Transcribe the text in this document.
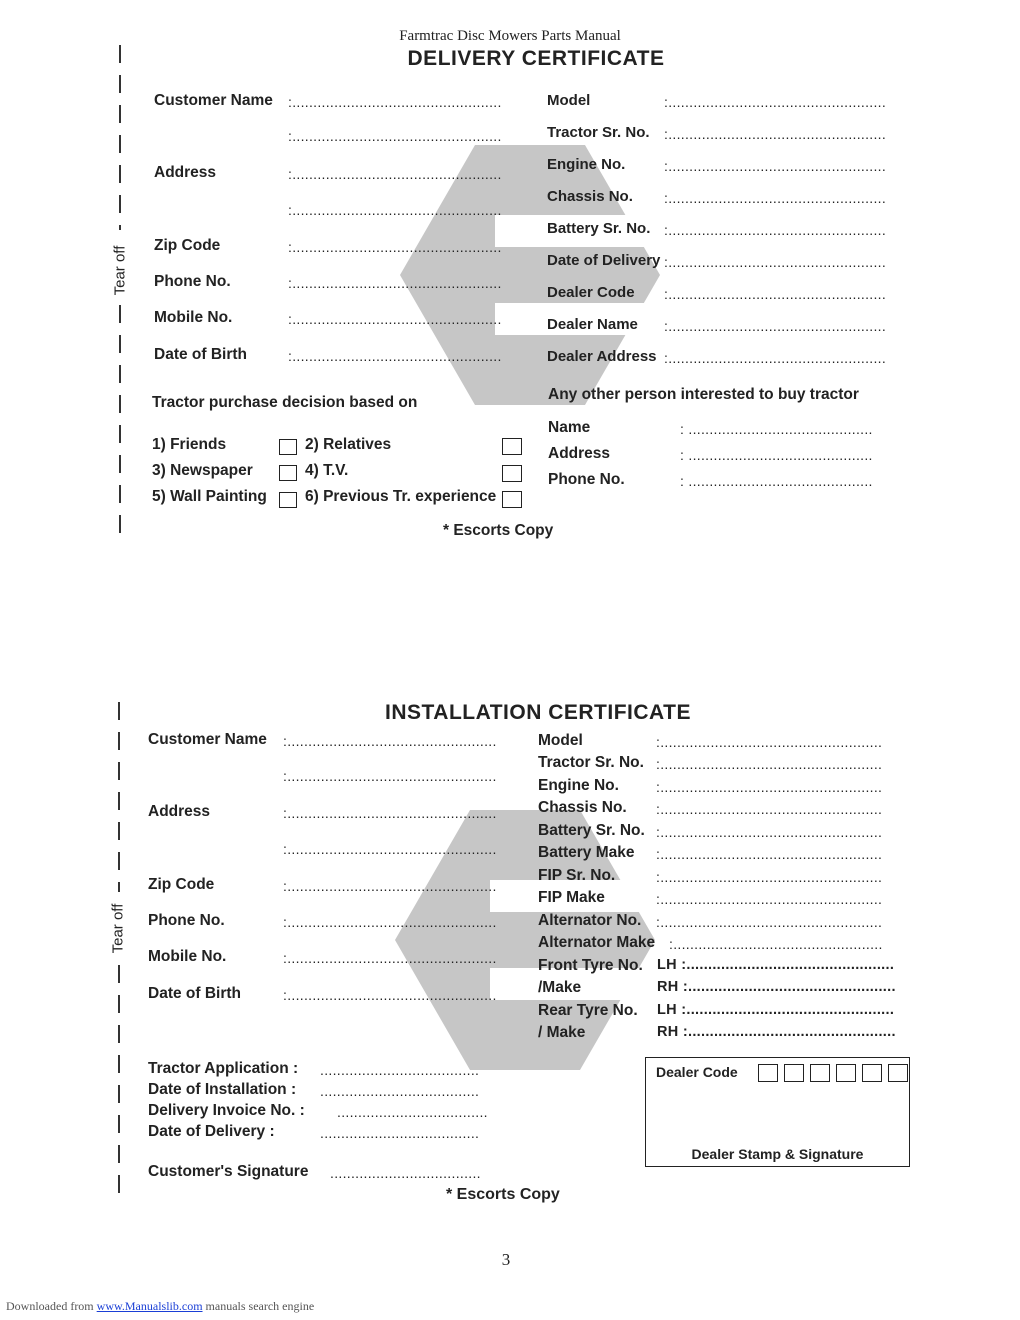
Farmtrac Disc Mowers Parts Manual
Tear off
DELIVERY CERTIFICATE
Customer Name :..................................................
:..................................................
Address	:..................................................
:..................................................
Zip Code	:..................................................
Phone No.	:..................................................
Mobile No.	:..................................................
Date of Birth	:..................................................
Model	:....................................................
Tractor Sr. No. :....................................................
Engine No.	:....................................................
Chassis No. :....................................................
Battery Sr. No. :....................................................
Date of Delivery :....................................................
Dealer Code :....................................................
Dealer Name :....................................................
Dealer Address :....................................................
Tractor purchase decision based on
1) Friends	2) Relatives
3) Newspaper	4) T.V.
5) Wall Painting 6) Previous Tr. experience
Any other person interested to buy tractor
Name	: ............................................
Address	: ............................................
Phone No.	: ............................................
* Escorts Copy
Tear off
INSTALLATION CERTIFICATE
Customer Name :..................................................
:..................................................
Address	:..................................................
:..................................................
Zip Code	:..................................................
Phone No.	:..................................................
Mobile No.	:..................................................
Date of Birth	:..................................................
Model	:.....................................................
Tractor Sr. No. :.....................................................
Engine No.	:.....................................................
Chassis No. :.....................................................
Battery Sr. No. :.....................................................
Battery Make :.....................................................
FIP Sr. No.	:.....................................................
FIP Make	:.....................................................
Alternator No. :.....................................................
Alternator Make :..................................................
Front Tyre No. LH :................................................
/Make	RH :................................................
Rear Tyre No. LH :................................................
/ Make	RH :................................................
Tractor Application : ......................................
Date of Installation : ......................................
Delivery Invoice No. : ....................................
Date of Delivery :	......................................
Customer's Signature ....................................
Dealer Code
Dealer Stamp & Signature
* Escorts Copy
3
Downloaded from www.Manualslib.com manuals search engine
